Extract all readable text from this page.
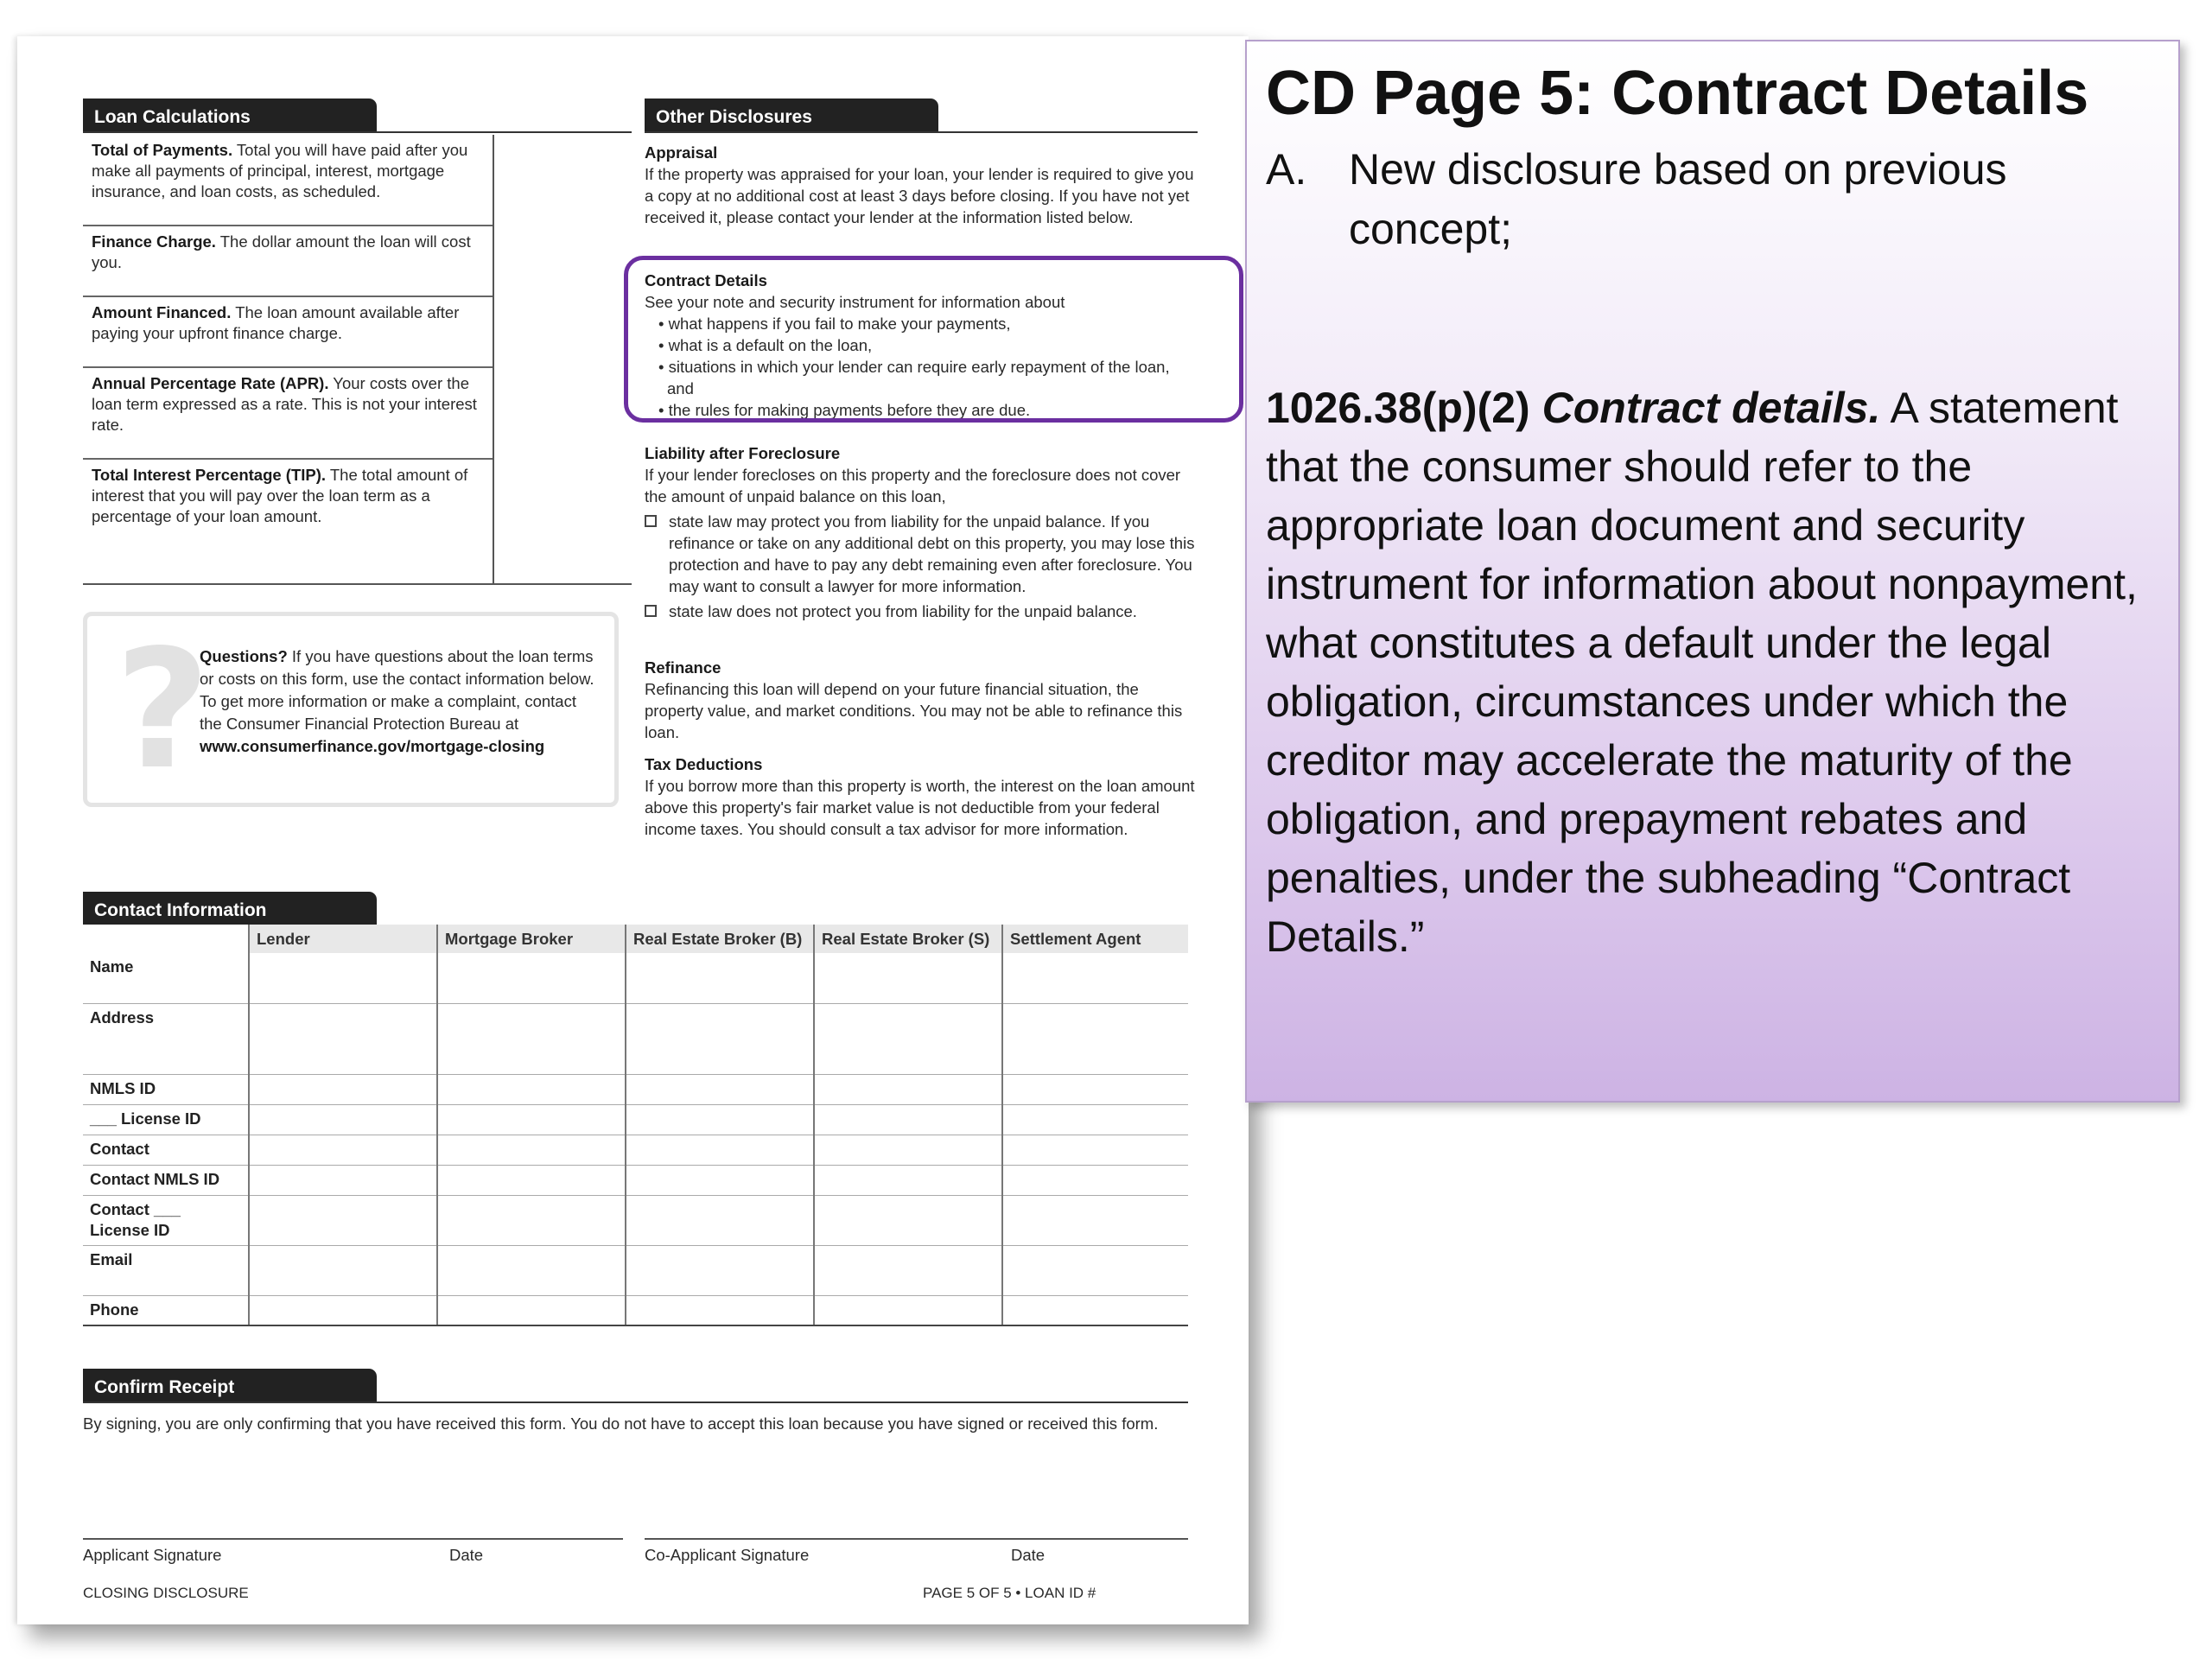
Loan Calculations
Total of Payments. Total you will have paid after you make all payments of principal, interest, mortgage insurance, and loan costs, as scheduled.
Finance Charge. The dollar amount the loan will cost you.
Amount Financed. The loan amount available after paying your upfront finance charge.
Annual Percentage Rate (APR). Your costs over the loan term expressed as a rate. This is not your interest rate.
Total Interest Percentage (TIP). The total amount of interest that you will pay over the loan term as a percentage of your loan amount.
?
Questions? If you have questions about the loan terms or costs on this form, use the contact information below. To get more information or make a complaint, contact the Consumer Financial Protection Bureau at
www.consumerfinance.gov/mortgage-closing
Other Disclosures
Appraisal
If the property was appraised for your loan, your lender is required to give you a copy at no additional cost at least 3 days before closing. If you have not yet received it, please contact your lender at the information listed below.
Contract Details
See your note and security instrument for information about
• what happens if you fail to make your payments,
• what is a default on the loan,
• situations in which your lender can require early repayment of the loan, and
• the rules for making payments before they are due.
Liability after Foreclosure
If your lender forecloses on this property and the foreclosure does not cover the amount of unpaid balance on this loan,
state law may protect you from liability for the unpaid balance. If you refinance or take on any additional debt on this property, you may lose this protection and have to pay any debt remaining even after foreclosure. You may want to consult a lawyer for more information.
state law does not protect you from liability for the unpaid balance.
Refinance
Refinancing this loan will depend on your future financial situation, the property value, and market conditions. You may not be able to refinance this loan.
Tax Deductions
If you borrow more than this property is worth, the interest on the loan amount above this property's fair market value is not deductible from your federal income taxes. You should consult a tax advisor for more information.
Contact Information
	Lender	Mortgage Broker	Real Estate Broker (B)	Real Estate Broker (S)	Settlement Agent
Name					
Address					
NMLS ID					
___ License ID					
Contact					
Contact NMLS ID					
Contact ___ License ID					
Email					
Phone					
Confirm Receipt
By signing, you are only confirming that you have received this form. You do not have to accept this loan because you have signed or received this form.
Applicant Signature	Date	Co-Applicant Signature	Date
CLOSING DISCLOSURE	PAGE 5 OF 5 • LOAN ID #
CD Page 5: Contract Details
A. New disclosure based on previous concept;
1026.38(p)(2) Contract details. A statement that the consumer should refer to the appropriate loan document and security instrument for information about nonpayment, what constitutes a default under the legal obligation, circumstances under which the creditor may accelerate the maturity of the obligation, and prepayment rebates and penalties, under the subheading “Contract Details.”
